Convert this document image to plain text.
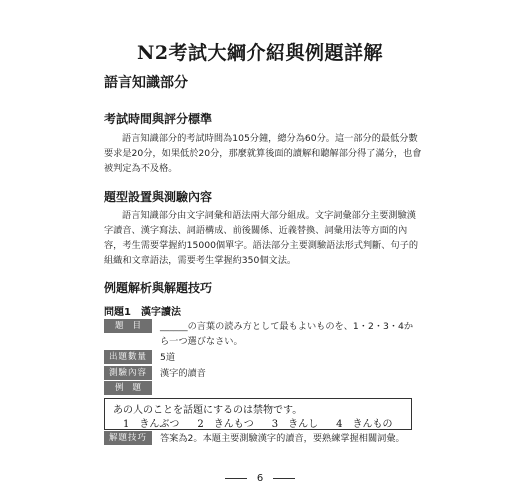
N2考試大綱介紹與例題詳解
語言知識部分
考試時間與評分標準
語言知識部分的考試時間為105分鐘，總分為60分。這一部分的最低分數要求是20分，如果低於20分，那麼就算後面的讀解和聽解部分得了滿分，也會被判定為不及格。
題型設置與測驗內容
語言知識部分由文字詞彙和語法兩大部分組成。文字詞彙部分主要測驗漢字讀音、漢字寫法、詞語構成、前後關係、近義替換、詞彙用法等方面的內容，考生需要掌握約15000個單字。語法部分主要測驗語法形式判斷、句子的組織和文章語法，需要考生掌握約350個文法。
例題解析與解題技巧
問題1　漢字讀法
題目 ______の言葉の読み方として最もよいものを、1・2・3・4から一つ選びなさい。
出題數量	5道
測驗內容	漢字的讀音
例題
あの人のことを話題にするのは禁物です。
1　きんぶつ 2　きんもつ 3　きんし 4　きんもの
解題技巧	答案為2。本題主要測驗漢字的讀音，要熟練掌握相關詞彙。
6
